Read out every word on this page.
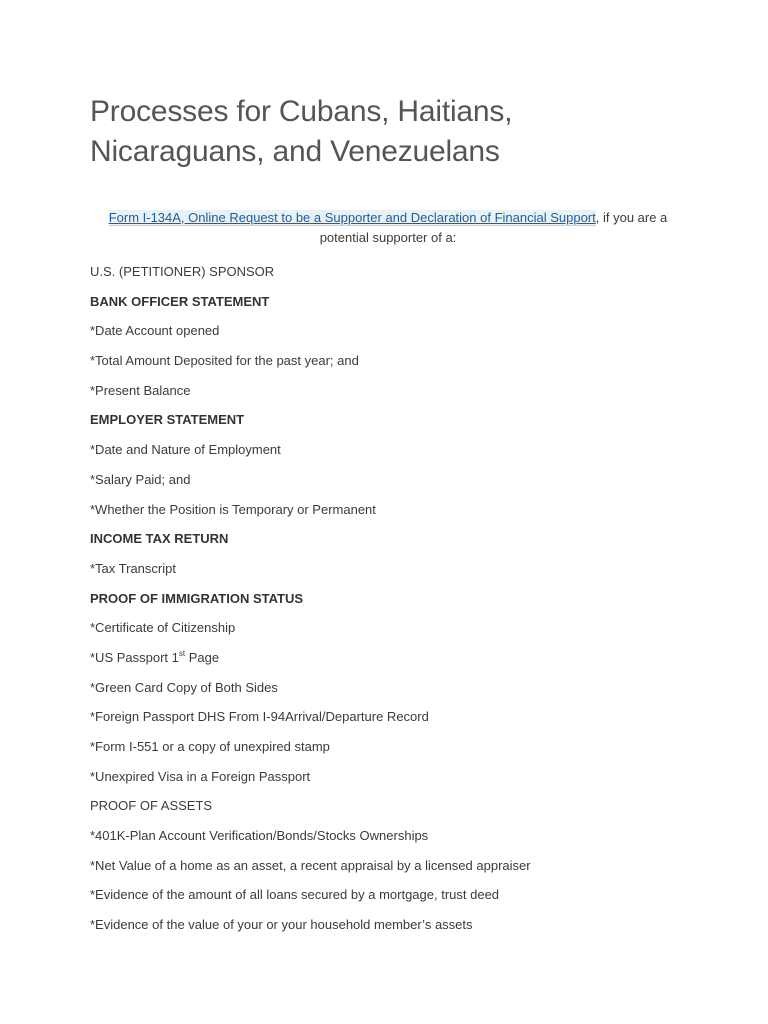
Processes for Cubans, Haitians, Nicaraguans, and Venezuelans

Form I-134A, Online Request to be a Supporter and Declaration of Financial Support, if you are a potential supporter of a:

U.S. (PETITIONER) SPONSOR
BANK OFFICER STATEMENT
*Date Account opened
*Total Amount Deposited for the past year; and
*Present Balance
EMPLOYER STATEMENT
*Date and Nature of Employment
*Salary Paid; and
*Whether the Position is Temporary or Permanent
INCOME TAX RETURN
*Tax Transcript
PROOF OF IMMIGRATION STATUS
*Certificate of Citizenship
*US Passport 1st Page
*Green Card Copy of Both Sides
*Foreign Passport DHS From I-94Arrival/Departure Record
*Form I-551 or a copy of unexpired stamp
*Unexpired Visa in a Foreign Passport
PROOF OF ASSETS
*401K-Plan Account Verification/Bonds/Stocks Ownerships
*Net Value of a home as an asset, a recent appraisal by a licensed appraiser
*Evidence of the amount of all loans secured by a mortgage, trust deed
*Evidence of the value of your or your household member’s assets
